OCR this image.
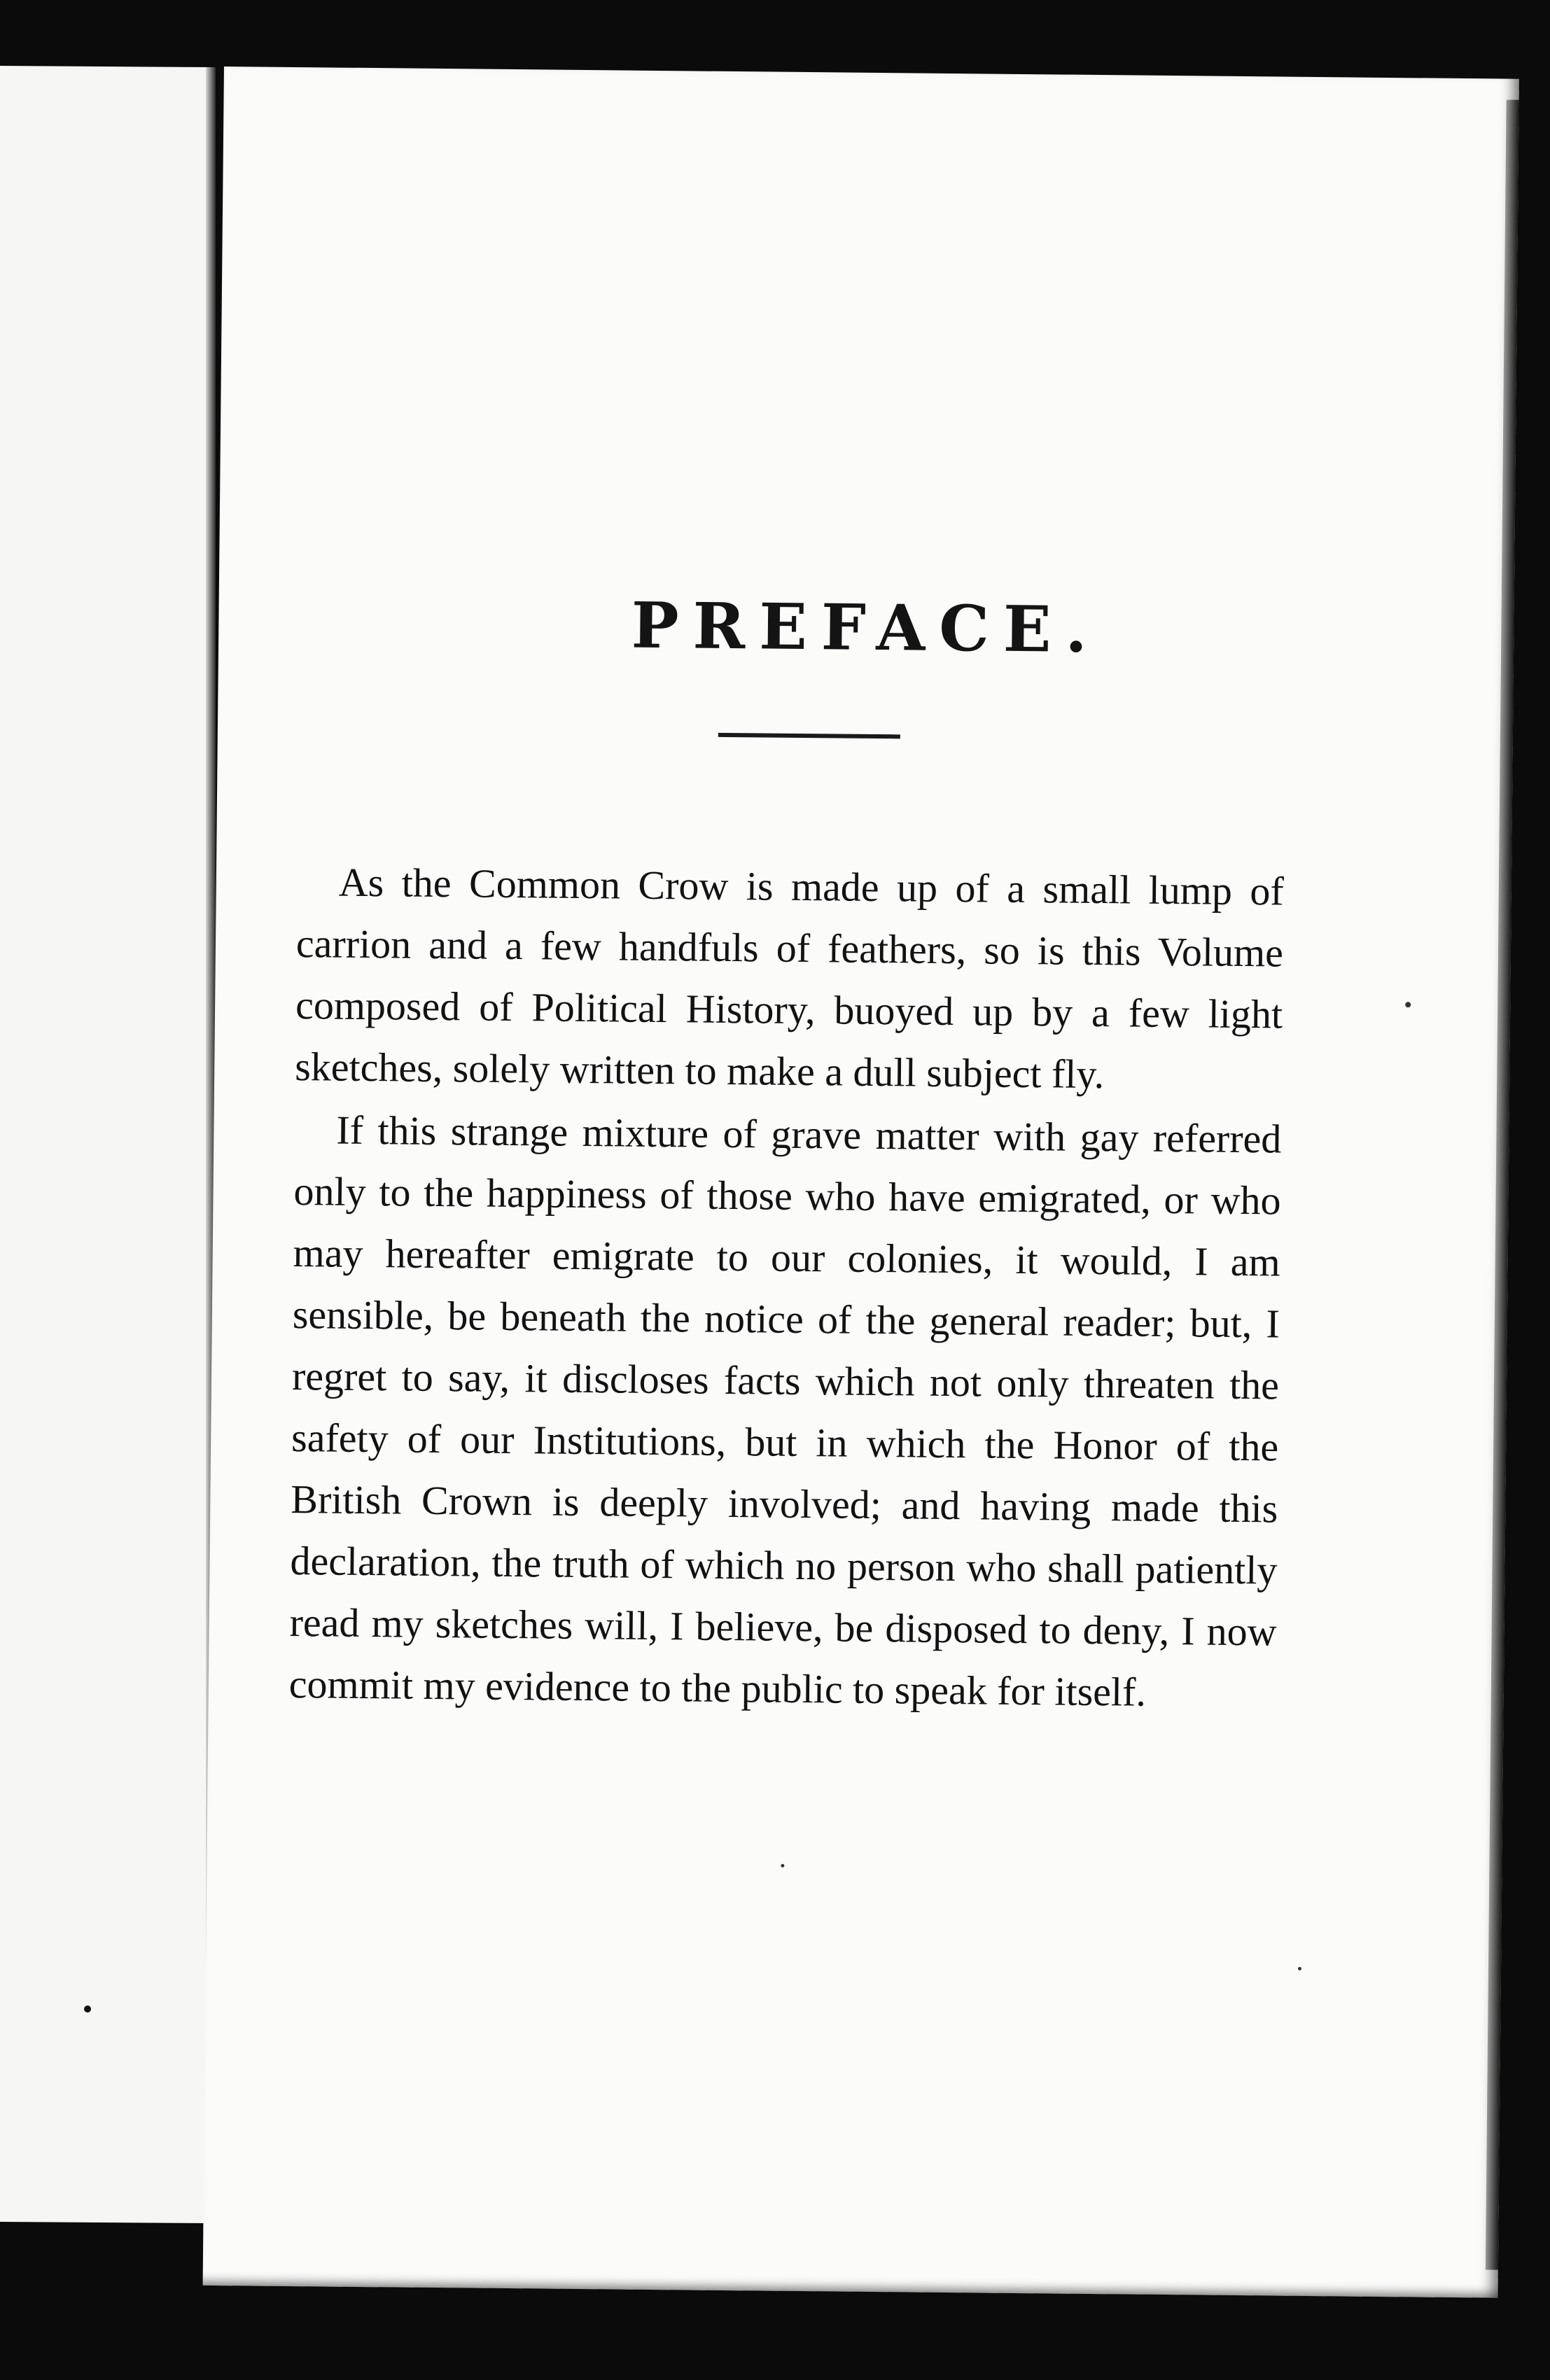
PREFACE.

As the Common Crow is made up of a small lump of carrion and a few handfuls of feathers, so is this Volume composed of Political History, buoyed up by a few light sketches, solely written to make a dull subject fly.

If this strange mixture of grave matter with gay referred only to the happiness of those who have emigrated, or who may hereafter emigrate to our colonies, it would, I am sensible, be beneath the notice of the general reader; but, I regret to say, it discloses facts which not only threaten the safety of our Institutions, but in which the Honor of the British Crown is deeply involved; and having made this declaration, the truth of which no person who shall patiently read my sketches will, I believe, be disposed to deny, I now commit my evidence to the public to speak for itself.
